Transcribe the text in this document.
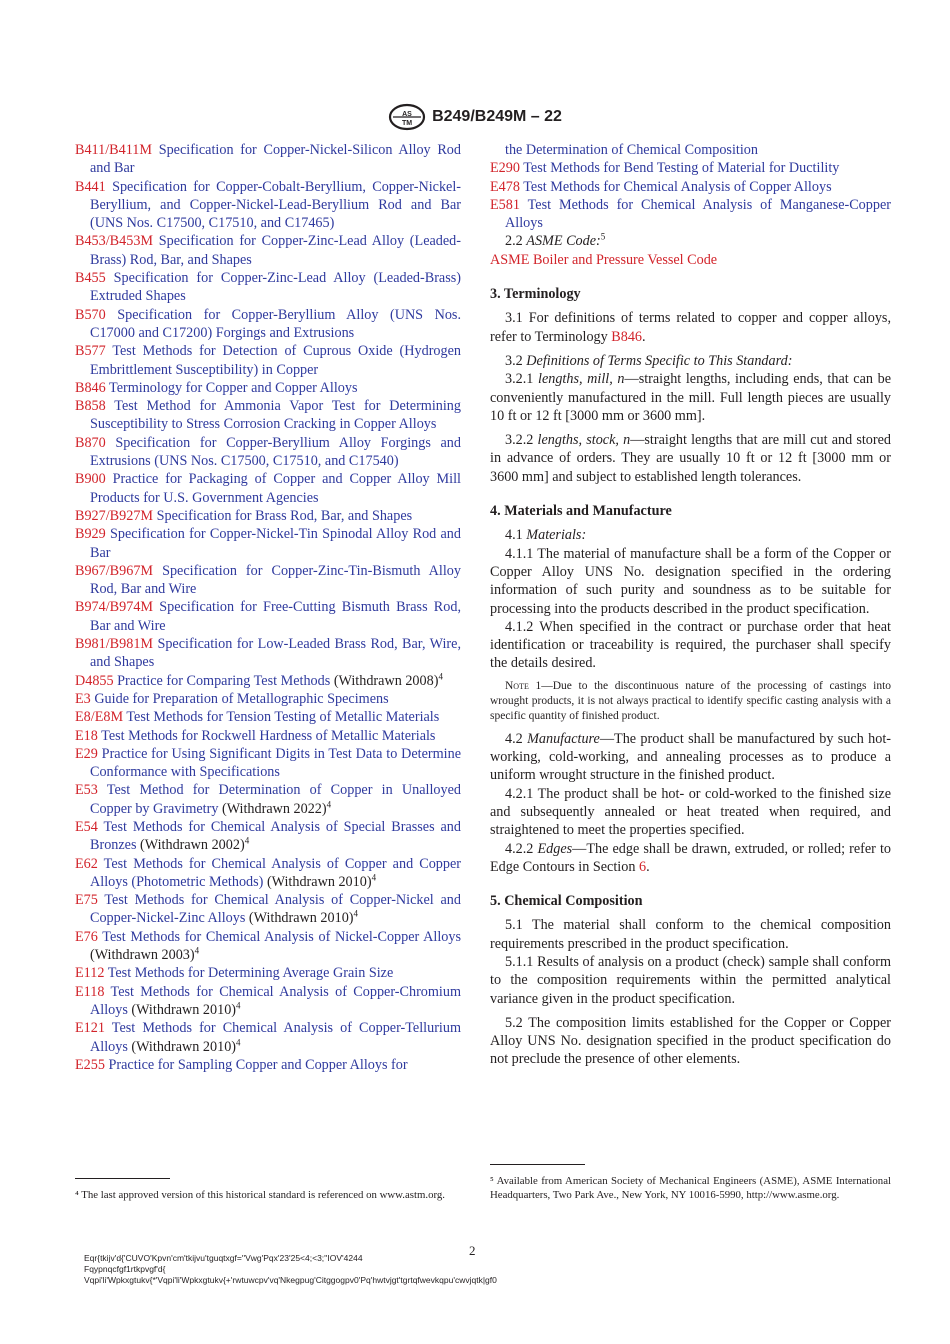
AS
TM B249/B249M – 22

B411/B411M Specification for Copper-Nickel-Silicon Alloy Rod and Bar

B441 Specification for Copper-Cobalt-Beryllium, Copper-Nickel-Beryllium, and Copper-Nickel-Lead-Beryllium Rod and Bar (UNS Nos. C17500, C17510, and C17465)

B453/B453M Specification for Copper-Zinc-Lead Alloy (Leaded-Brass) Rod, Bar, and Shapes

B455 Specification for Copper-Zinc-Lead Alloy (Leaded-Brass) Extruded Shapes

B570 Specification for Copper-Beryllium Alloy (UNS Nos. C17000 and C17200) Forgings and Extrusions

B577 Test Methods for Detection of Cuprous Oxide (Hydrogen Embrittlement Susceptibility) in Copper

B846 Terminology for Copper and Copper Alloys

B858 Test Method for Ammonia Vapor Test for Determining Susceptibility to Stress Corrosion Cracking in Copper Alloys

B870 Specification for Copper-Beryllium Alloy Forgings and Extrusions (UNS Nos. C17500, C17510, and C17540)

B900 Practice for Packaging of Copper and Copper Alloy Mill Products for U.S. Government Agencies

B927/B927M Specification for Brass Rod, Bar, and Shapes

B929 Specification for Copper-Nickel-Tin Spinodal Alloy Rod and Bar

B967/B967M Specification for Copper-Zinc-Tin-Bismuth Alloy Rod, Bar and Wire

B974/B974M Specification for Free-Cutting Bismuth Brass Rod, Bar and Wire

B981/B981M Specification for Low-Leaded Brass Rod, Bar, Wire, and Shapes

D4855 Practice for Comparing Test Methods (Withdrawn 2008)$^4$

E3 Guide for Preparation of Metallographic Specimens

E8/E8M Test Methods for Tension Testing of Metallic Materials

E18 Test Methods for Rockwell Hardness of Metallic Materials

E29 Practice for Using Significant Digits in Test Data to Determine Conformance with Specifications

E53 Test Method for Determination of Copper in Unalloyed Copper by Gravimetry (Withdrawn 2022)$^4$

E54 Test Methods for Chemical Analysis of Special Brasses and Bronzes (Withdrawn 2002)$^4$

E62 Test Methods for Chemical Analysis of Copper and Copper Alloys (Photometric Methods) (Withdrawn 2010)$^4$

E75 Test Methods for Chemical Analysis of Copper-Nickel and Copper-Nickel-Zinc Alloys (Withdrawn 2010)$^4$

E76 Test Methods for Chemical Analysis of Nickel-Copper Alloys (Withdrawn 2003)$^4$

E112 Test Methods for Determining Average Grain Size

E118 Test Methods for Chemical Analysis of Copper-Chromium Alloys (Withdrawn 2010)$^4$

E121 Test Methods for Chemical Analysis of Copper-Tellurium Alloys (Withdrawn 2010)$^4$

E255 Practice for Sampling Copper and Copper Alloys for

the Determination of Chemical Composition

E290 Test Methods for Bend Testing of Material for Ductility

E478 Test Methods for Chemical Analysis of Copper Alloys

E581 Test Methods for Chemical Analysis of Manganese-Copper Alloys

2.2 ASME Code:$^5$

ASME Boiler and Pressure Vessel Code

3. Terminology

3.1 For definitions of terms related to copper and copper alloys, refer to Terminology B846.

3.2 Definitions of Terms Specific to This Standard:

3.2.1 lengths, mill, n—straight lengths, including ends, that can be conveniently manufactured in the mill. Full length pieces are usually 10 ft or 12 ft [3000 mm or 3600 mm].

3.2.2 lengths, stock, n—straight lengths that are mill cut and stored in advance of orders. They are usually 10 ft or 12 ft [3000 mm or 3600 mm] and subject to established length tolerances.

4. Materials and Manufacture

4.1 Materials:

4.1.1 The material of manufacture shall be a form of the Copper or Copper Alloy UNS No. designation specified in the ordering information of such purity and soundness as to be suitable for processing into the products described in the product specification.

4.1.2 When specified in the contract or purchase order that heat identification or traceability is required, the purchaser shall specify the details desired.

Note 1—Due to the discontinuous nature of the processing of castings into wrought products, it is not always practical to identify specific casting analysis with a specific quantity of finished product.

4.2 Manufacture—The product shall be manufactured by such hot-working, cold-working, and annealing processes as to produce a uniform wrought structure in the finished product.

4.2.1 The product shall be hot- or cold-worked to the finished size and subsequently annealed or heat treated when required, and straightened to meet the properties specified.

4.2.2 Edges—The edge shall be drawn, extruded, or rolled; refer to Edge Contours in Section 6.

5. Chemical Composition

5.1 The material shall conform to the chemical composition requirements prescribed in the product specification.

5.1.1 Results of analysis on a product (check) sample shall conform to the composition requirements within the permitted analytical variance given in the product specification.

5.2 The composition limits established for the Copper or Copper Alloy UNS No. designation specified in the product specification do not preclude the presence of other elements.

⁴ The last approved version of this historical standard is referenced on www.astm.org.
⁵ Available from American Society of Mechanical Engineers (ASME), ASME International Headquarters, Two Park Ave., New York, NY 10016-5990, http://www.asme.org.
2
Eqr{tkijv'd{'CUVO'Kpvn'cm'tkijvu'tguqtxgf=''Vwg'Pqx'23'25<4;<3;''IOV'4244
Fqypnqcfgf1rtkpvgf'd{
Vqpi'li'Wpkxgtukv{*'Vqpi'li'Wpkxgtukv{+'rwtuwcpv'vq'Nkegpug'Citggogpv0'Pq'hwtvjgt'tgrtqfwevkqpu'cwvjqtk|gf0
